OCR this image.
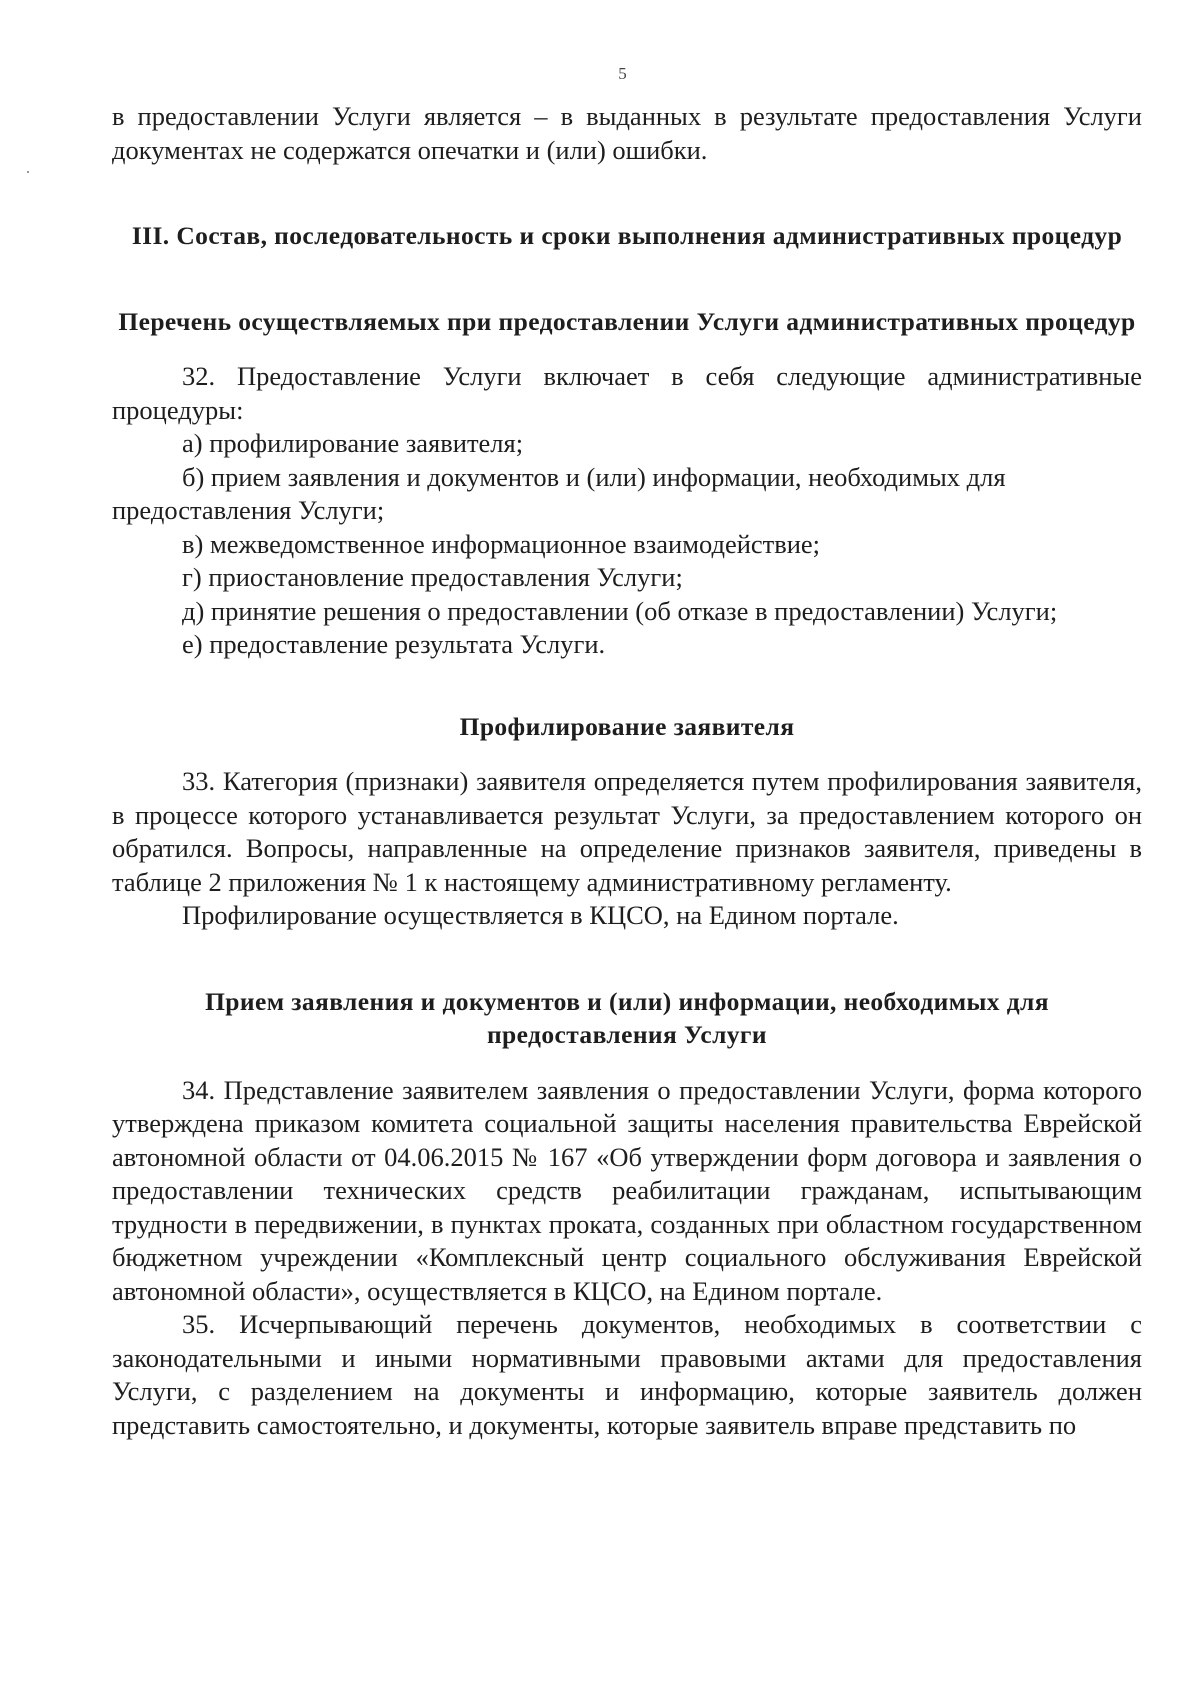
5

в предоставлении Услуги является – в выданных в результате предоставления Услуги документах не содержатся опечатки и (или) ошибки.

III. Состав, последовательность и сроки выполнения административных процедур
Перечень осуществляемых при предоставлении Услуги административных процедур

32. Предоставление Услуги включает в себя следующие административные процедуры:

а) профилирование заявителя;

б) прием заявления и документов и (или) информации, необходимых для предоставления Услуги;

в) межведомственное информационное взаимодействие;

г) приостановление предоставления Услуги;

д) принятие решения о предоставлении (об отказе в предоставлении) Услуги;

е) предоставление результата Услуги.

Профилирование заявителя

33. Категория (признаки) заявителя определяется путем профилирования заявителя, в процессе которого устанавливается результат Услуги, за предоставлением которого он обратился. Вопросы, направленные на определение признаков заявителя, приведены в таблице 2 приложения № 1 к настоящему административному регламенту.

Профилирование осуществляется в КЦСО, на Едином портале.

Прием заявления и документов и (или) информации, необходимых для предоставления Услуги

34. Представление заявителем заявления о предоставлении Услуги, форма которого утверждена приказом комитета социальной защиты населения правительства Еврейской автономной области от 04.06.2015 № 167 «Об утверждении форм договора и заявления о предоставлении технических средств реабилитации гражданам, испытывающим трудности в передвижении, в пунктах проката, созданных при областном государственном бюджетном учреждении «Комплексный центр социального обслуживания Еврейской автономной области», осуществляется в КЦСО, на Едином портале.

35. Исчерпывающий перечень документов, необходимых в соответствии с законодательными и иными нормативными правовыми актами для предоставления Услуги, с разделением на документы и информацию, которые заявитель должен представить самостоятельно, и документы, которые заявитель вправе представить по
